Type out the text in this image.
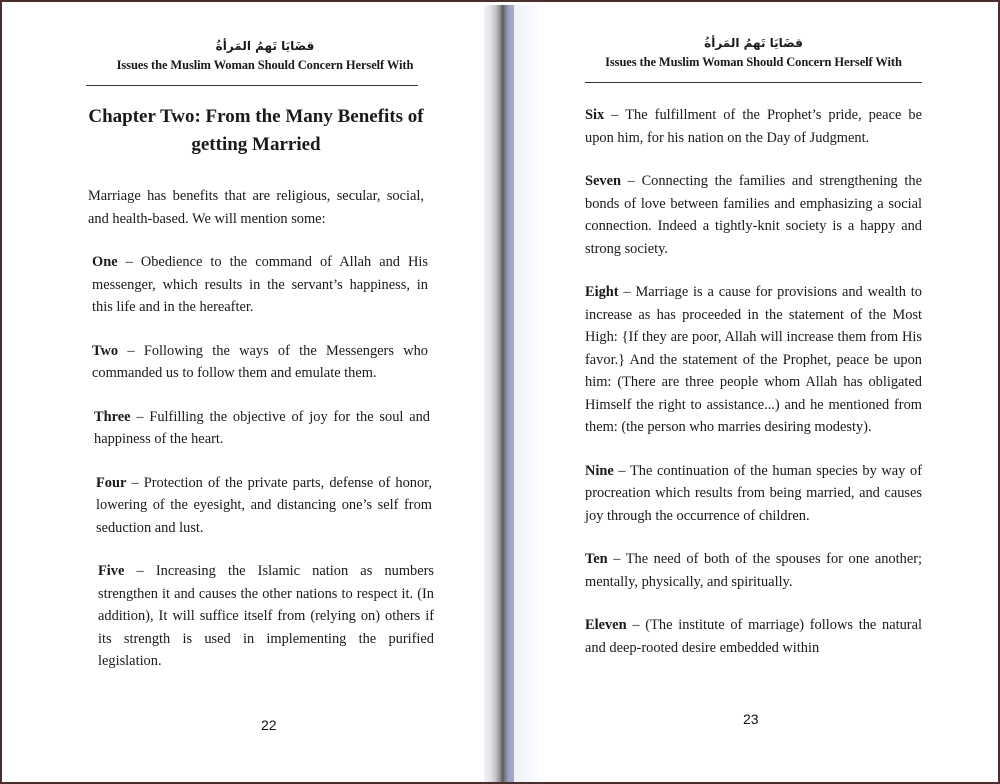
قضَايَا تَهمُ المَرأةُ
Issues the Muslim Woman Should Concern Herself With
Chapter Two: From the Many Benefits of
getting Married

Marriage has benefits that are religious, secular, social, and health-based. We will mention some:

One – Obedience to the command of Allah and His messenger, which results in the servant’s happiness, in this life and in the hereafter.

Two – Following the ways of the Messengers who commanded us to follow them and emulate them.

Three – Fulfilling the objective of joy for the soul and happiness of the heart.

Four – Protection of the private parts, defense of honor, lowering of the eyesight, and distancing one’s self from seduction and lust.

Five – Increasing the Islamic nation as numbers strengthen it and causes the other nations to respect it. (In addition), It will suffice itself from (relying on) others if its strength is used in implementing the purified legislation.

22
قضَايَا تَهمُ المَرأةُ
Issues the Muslim Woman Should Concern Herself With

Six – The fulfillment of the Prophet’s pride, peace be upon him, for his nation on the Day of Judgment.

Seven – Connecting the families and strengthening the bonds of love between families and emphasizing a social connection. Indeed a tightly-knit society is a happy and strong society.

Eight – Marriage is a cause for provisions and wealth to increase as has proceeded in the statement of the Most High: {If they are poor, Allah will increase them from His favor.} And the statement of the Prophet, peace be upon him: (There are three people whom Allah has obligated Himself the right to assistance...) and he mentioned from them: (the person who marries desiring modesty).

Nine – The continuation of the human species by way of procreation which results from being married, and causes joy through the occurrence of children.

Ten – The need of both of the spouses for one another; mentally, physically, and spiritually.

Eleven – (The institute of marriage) follows the natural and deep-rooted desire embedded within

23
